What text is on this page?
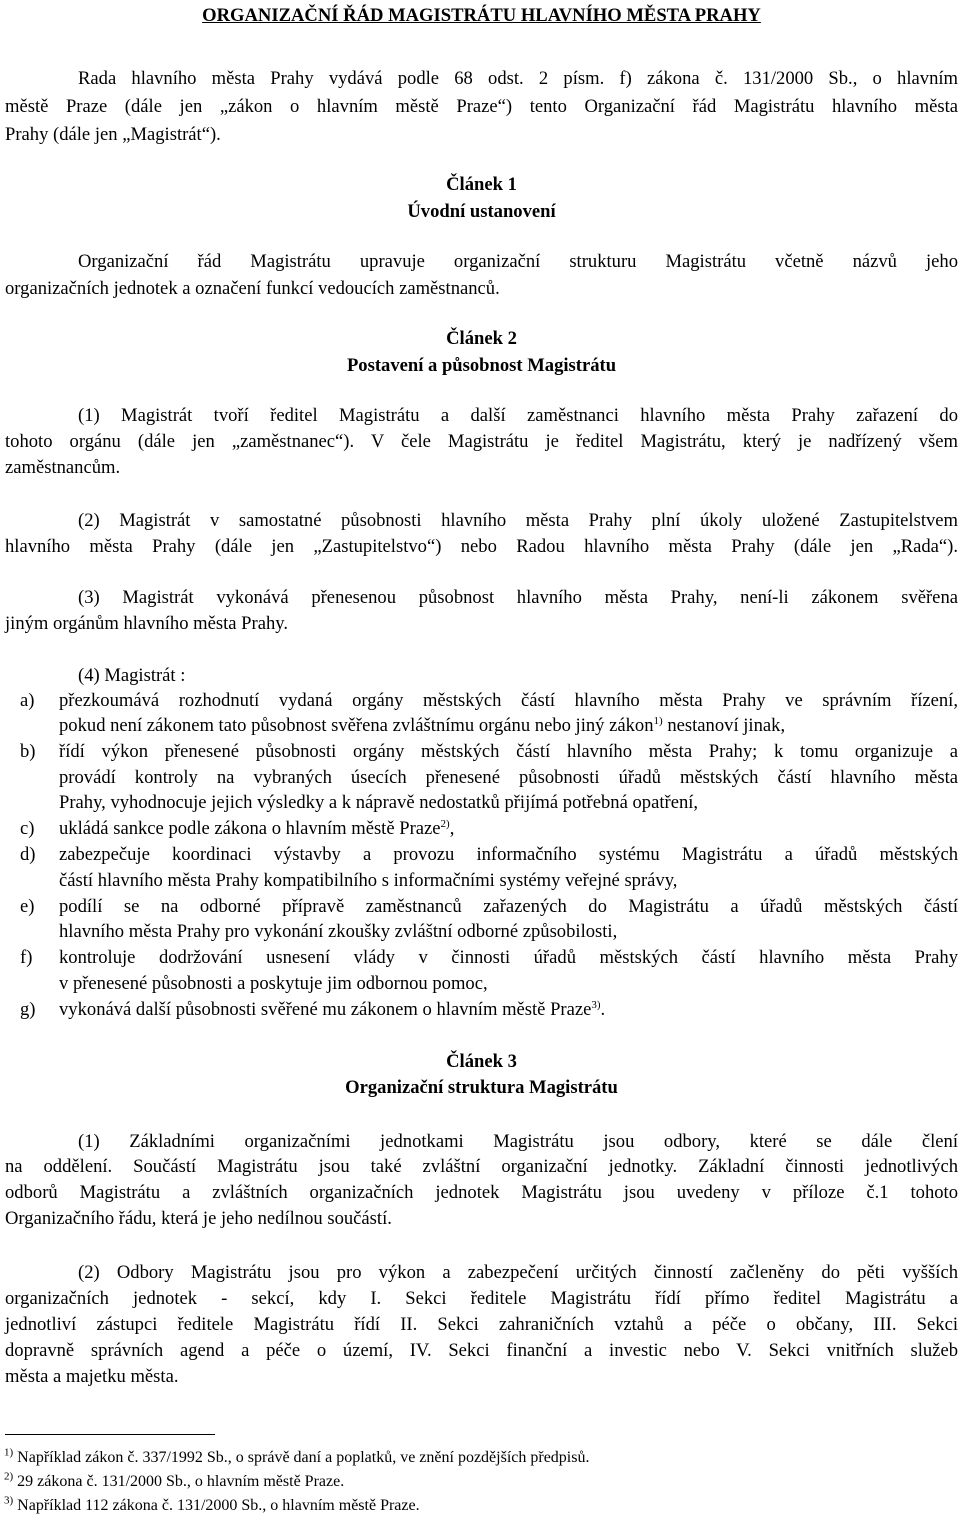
ORGANIZAČNÍ ŘÁD MAGISTRÁTU HLAVNÍHO MĚSTA PRAHY
Rada hlavního města Prahy vydává podle 68 odst. 2 písm. f) zákona č. 131/2000 Sb., o hlavním
městě Praze (dále jen „zákon o hlavním městě Praze“) tento Organizační řád Magistrátu hlavního města
Prahy (dále jen „Magistrát“).
Článek 1
Úvodní ustanovení
Organizační řád Magistrátu upravuje organizační strukturu Magistrátu včetně názvů jeho
organizačních jednotek a označení funkcí vedoucích zaměstnanců.
Článek 2
Postavení a působnost Magistrátu
(1) Magistrát tvoří ředitel Magistrátu a další zaměstnanci hlavního města Prahy zařazení do
tohoto orgánu (dále jen „zaměstnanec“). V čele Magistrátu je ředitel Magistrátu, který je nadřízený všem
zaměstnancům.
(2) Magistrát v samostatné působnosti hlavního města Prahy plní úkoly uložené Zastupitelstvem
hlavního města Prahy (dále jen „Zastupitelstvo“) nebo Radou hlavního města Prahy (dále jen „Rada“).
(3) Magistrát vykonává přenesenou působnost hlavního města Prahy, není-li zákonem svěřena
jiným orgánům hlavního města Prahy.
(4) Magistrát :
a) přezkoumává rozhodnutí vydaná orgány městských částí hlavního města Prahy ve správním řízení,
pokud není zákonem tato působnost svěřena zvláštnímu orgánu nebo jiný zákon$^{1)}$ nestanoví jinak,
b) řídí výkon přenesené působnosti orgány městských částí hlavního města Prahy; k tomu organizuje a
provádí kontroly na vybraných úsecích přenesené působnosti úřadů městských částí hlavního města
Prahy, vyhodnocuje jejich výsledky a k nápravě nedostatků přijímá potřebná opatření,
c) ukládá sankce podle zákona o hlavním městě Praze$^{2)}$,
d) zabezpečuje koordinaci výstavby a provozu informačního systému Magistrátu a úřadů městských
částí hlavního města Prahy kompatibilního s informačními systémy veřejné správy,
e) podílí se na odborné přípravě zaměstnanců zařazených do Magistrátu a úřadů městských částí
hlavního města Prahy pro vykonání zkoušky zvláštní odborné způsobilosti,
f) kontroluje dodržování usnesení vlády v činnosti úřadů městských částí hlavního města Prahy
v přenesené působnosti a poskytuje jim odbornou pomoc,
g) vykonává další působnosti svěřené mu zákonem o hlavním městě Praze$^{3)}$.
Článek 3
Organizační struktura Magistrátu
(1) Základními organizačními jednotkami Magistrátu jsou odbory, které se dále člení
na oddělení. Součástí Magistrátu jsou také zvláštní organizační jednotky. Základní činnosti jednotlivých
odborů Magistrátu a zvláštních organizačních jednotek Magistrátu jsou uvedeny v příloze č.1 tohoto
Organizačního řádu, která je jeho nedílnou součástí.
(2) Odbory Magistrátu jsou pro výkon a zabezpečení určitých činností začleněny do pěti vyšších
organizačních jednotek - sekcí, kdy I. Sekci ředitele Magistrátu řídí přímo ředitel Magistrátu a
jednotliví zástupci ředitele Magistrátu řídí II. Sekci zahraničních vztahů a péče o občany, III. Sekci
dopravně správních agend a péče o území, IV. Sekci finanční a investic nebo V. Sekci vnitřních služeb
města a majetku města.
$^{1)}$ Například zákon č. 337/1992 Sb., o správě daní a poplatků, ve znění pozdějších předpisů.
$^{2)}$ 29 zákona č. 131/2000 Sb., o hlavním městě Praze.
$^{3)}$ Například 112 zákona č. 131/2000 Sb., o hlavním městě Praze.
